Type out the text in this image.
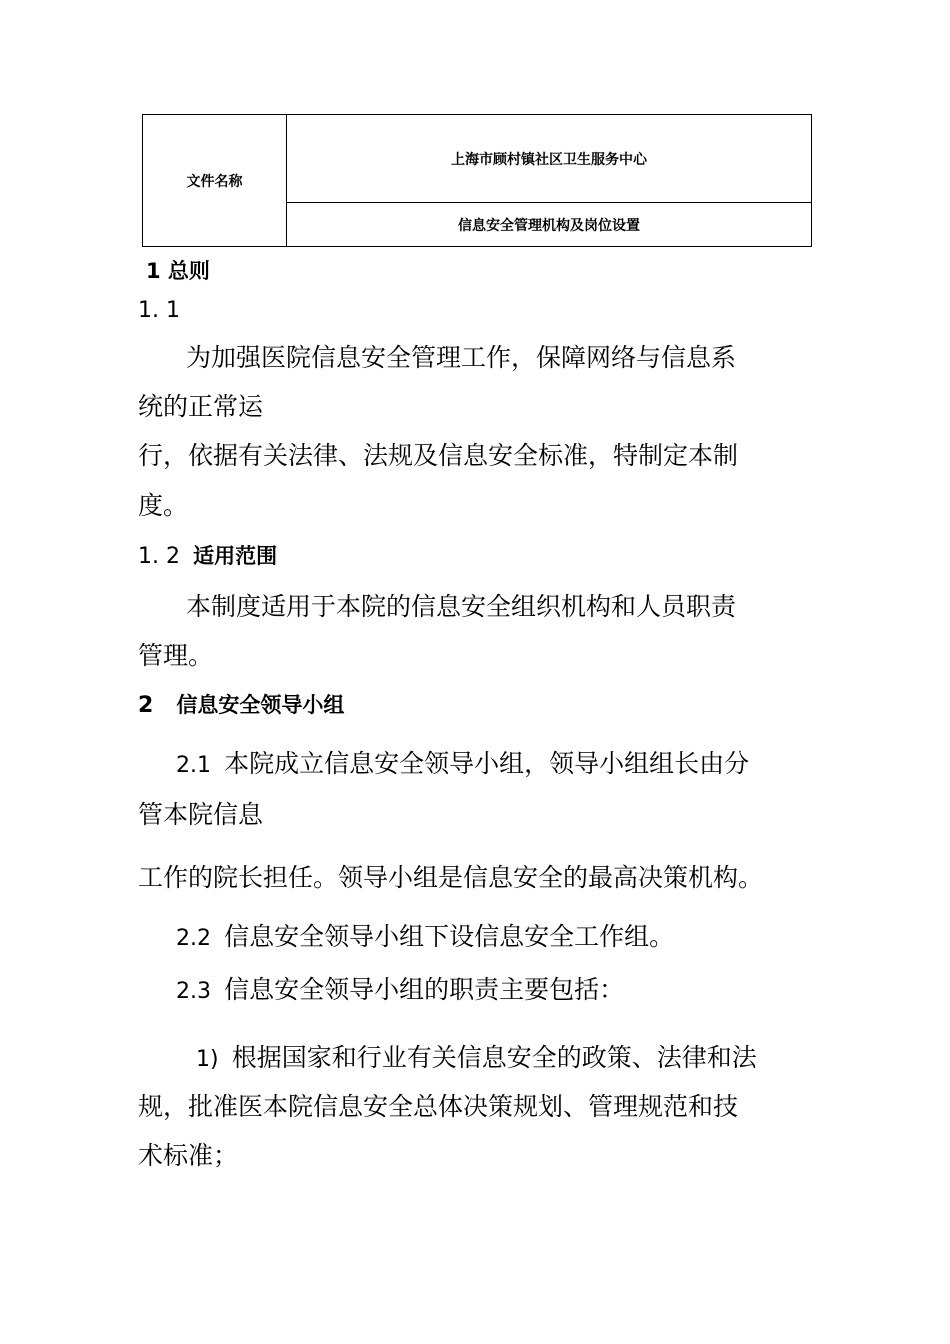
文件名称
上海市顾村镇社区卫生服务中心
信息安全管理机构及岗位设置
1 总则
1. 1
为加强医院信息安全管理工作，保障网络与信息系
统的正常运
行，依据有关法律、法规及信息安全标准，特制定本制
度。
1. 2 适用范围
本制度适用于本院的信息安全组织机构和人员职责
管理。
2 信息安全领导小组
2.1 本院成立信息安全领导小组，领导小组组长由分
管本院信息
工作的院长担任。领导小组是信息安全的最高决策机构。
2.2 信息安全领导小组下设信息安全工作组。
2.3 信息安全领导小组的职责主要包括：
1) 根据国家和行业有关信息安全的政策、法律和法
规，批准医本院信息安全总体决策规划、管理规范和技
术标准；
